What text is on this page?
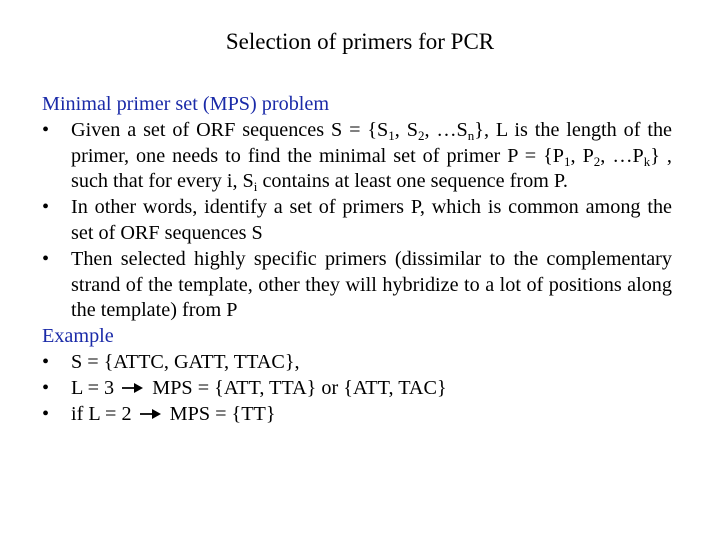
Selection of primers for PCR
Minimal primer set (MPS) problem
• Given a set of ORF sequences $S = \{S_1$, $S_2$, $\dots S_n$}, L is the length of the primer, one needs to find the minimal set of primer $P = \{P_1$, $P_2$, $\dots P_k$} , such that for every i, $S_i$ contains at least one sequence from P.
• In other words, identify a set of primers P, which is common among the set of ORF sequences S
• Then selected highly specific primers (dissimilar to the complementary strand of the template, other they will hybridize to a lot of positions along the template) from P
Example
• S = {ATTC, GATT, TTAC},
• L = 3 MPS = {ATT, TTA} or {ATT, TAC}
• if L = 2 MPS = {TT}
